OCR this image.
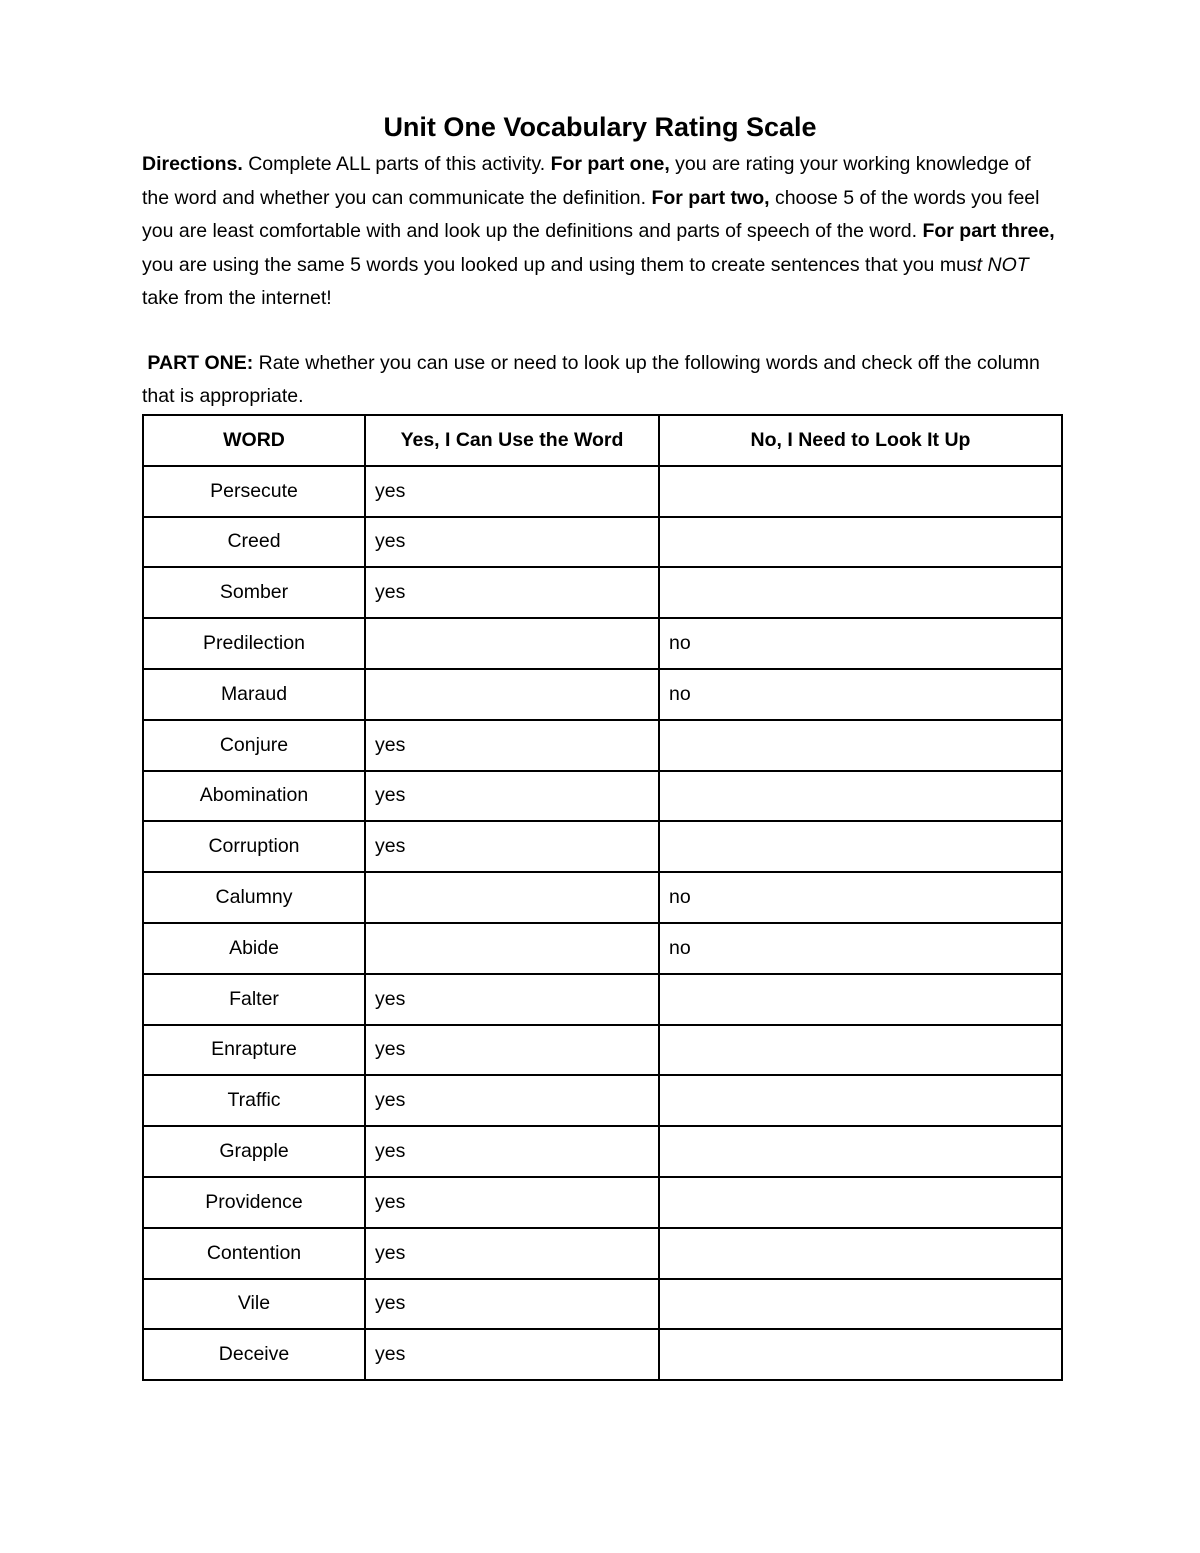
Unit One Vocabulary Rating Scale

Directions. Complete ALL parts of this activity. For part one, you are rating your working knowledge of the word and whether you can communicate the definition. For part two, choose 5 of the words you feel you are least comfortable with and look up the definitions and parts of speech of the word. For part three, you are using the same 5 words you looked up and using them to create sentences that you must NOT take from the internet!

PART ONE: Rate whether you can use or need to look up the following words and check off the column that is appropriate.

WORD	Yes, I Can Use the Word	No, I Need to Look It Up
Persecute	yes	
Creed	yes	
Somber	yes	
Predilection		no
Maraud		no
Conjure	yes	
Abomination	yes	
Corruption	yes	
Calumny		no
Abide		no
Falter	yes	
Enrapture	yes	
Traffic	yes	
Grapple	yes	
Providence	yes	
Contention	yes	
Vile	yes	
Deceive	yes	
